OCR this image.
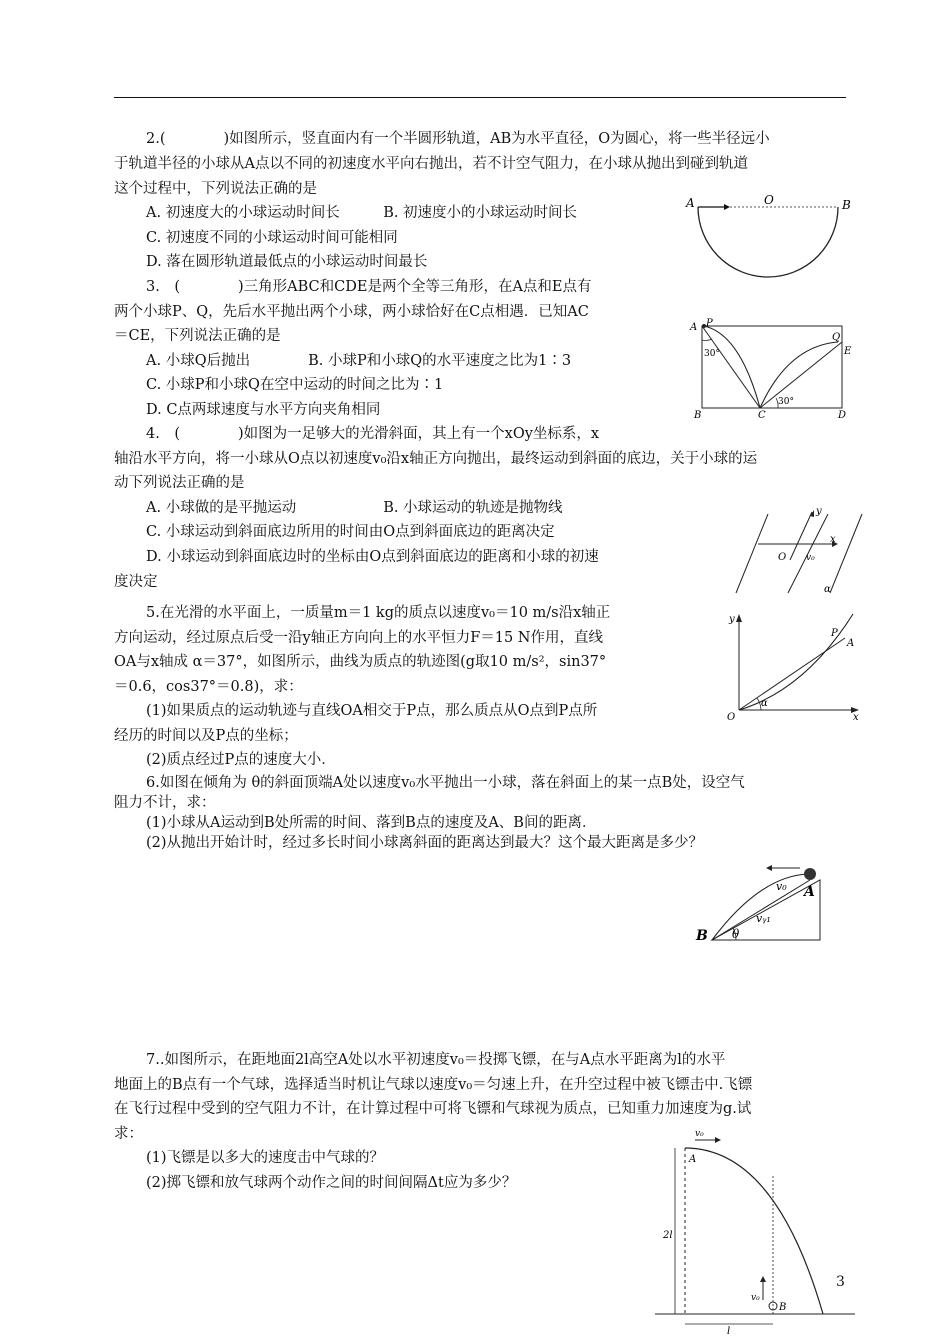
2.(　　　　)如图所示，竖直面内有一个半圆形轨道，AB为水平直径，O为圆心，将一些半径远小
于轨道半径的小球从A点以不同的初速度水平向右抛出，若不计空气阻力，在小球从抛出到碰到轨道
这个过程中，下列说法正确的是
A. 初速度大的小球运动时间长　　　B. 初速度小的小球运动时间长
C. 初速度不同的小球运动时间可能相同
D. 落在圆形轨道最低点的小球运动时间最长
3.　(　　　　)三角形ABC和CDE是两个全等三角形，在A点和E点有
两个小球P、Q，先后水平抛出两个小球，两小球恰好在C点相遇．已知AC
＝CE，下列说法正确的是
A. 小球Q后抛出　　　　B. 小球P和小球Q的水平速度之比为1∶3
C. 小球P和小球Q在空中运动的时间之比为∶1
D. C点两球速度与水平方向夹角相同
4.　(　　　　)如图为一足够大的光滑斜面，其上有一个xOy坐标系，x
轴沿水平方向，将一小球从O点以初速度v₀沿x轴正方向抛出，最终运动到斜面的底边，关于小球的运
动下列说法正确的是
A. 小球做的是平抛运动　　　　　　B. 小球运动的轨迹是抛物线
C. 小球运动到斜面底边所用的时间由O点到斜面底边的距离决定
D. 小球运动到斜面底边时的坐标由O点到斜面底边的距离和小球的初速
度决定
5.在光滑的水平面上，一质量m＝1 kg的质点以速度v₀＝10 m/s沿x轴正
方向运动，经过原点后受一沿y轴正方向向上的水平恒力F＝15 N作用，直线
OA与x轴成 α＝37°，如图所示，曲线为质点的轨迹图(g取10 m/s²，sin37°
＝0.6，cos37°＝0.8)，求：
(1)如果质点的运动轨迹与直线OA相交于P点，那么质点从O点到P点所
经历的时间以及P点的坐标；
(2)质点经过P点的速度大小．
6.如图在倾角为 θ的斜面顶端A处以速度v₀水平抛出一小球，落在斜面上的某一点B处，设空气
阻力不计，求：
(1)小球从A运动到B处所需的时间、落到B点的速度及A、B间的距离．
(2)从抛出开始计时，经过多长时间小球离斜面的距离达到最大？这个最大距离是多少？
7..如图所示，在距地面2l高空A处以水平初速度v₀＝投掷飞镖，在与A点水平距离为l的水平
地面上的B点有一个气球，选择适当时机让气球以速度v₀＝匀速上升，在升空过程中被飞镖击中.飞镖
在飞行过程中受到的空气阻力不计，在计算过程中可将飞镖和气球视为质点，已知重力加速度为g.试
求：
(1)飞镖是以多大的速度击中气球的？
(2)掷飞镖和放气球两个动作之间的时间间隔Δt应为多少？
A	O	B
A P
Q
E
B	C	D
30°
30°
y
x
O v₀
α
y
x
O
P
A
α
v₀ A
B
vᵧ₁
θ
v₀
A
2l
v₀
B
l
3
